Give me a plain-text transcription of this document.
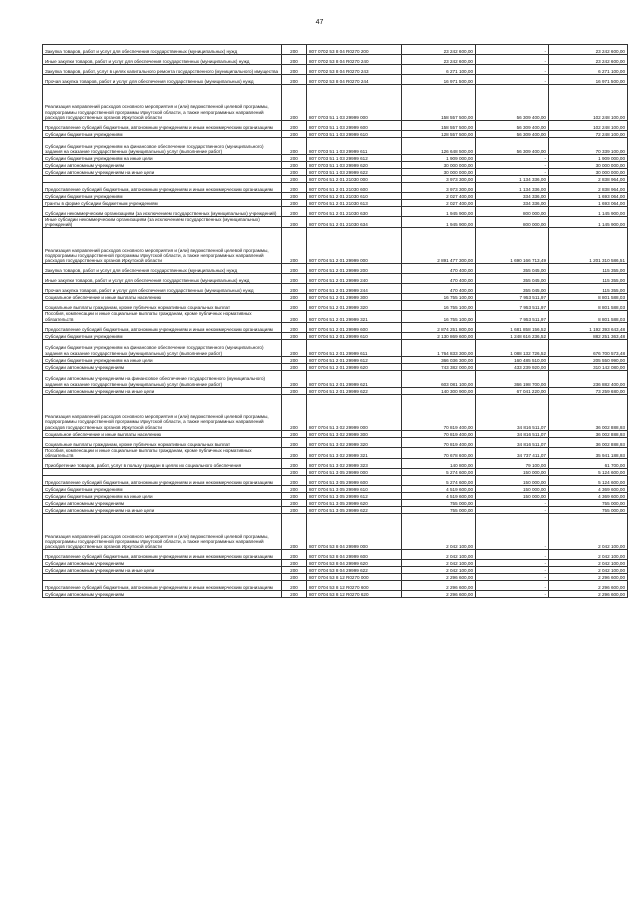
47
Закупка товаров, работ и услуг для обеспечения государственных (муниципальных) нужд	200	807 0702 53 8 04 R0270 200	23 242 600,00	-	23 242 600,00
Иные закупки товаров, работ и услуг для обеспечения государственных (муниципальных) нужд	200	807 0702 53 8 04 R0270 240	23 242 600,00	-	23 242 600,00
Закупка товаров, работ, услуг в целях капитального ремонта государственного (муниципального) имущества	200	807 0702 53 8 04 R0270 243	6 271 100,00	-	6 271 100,00
Прочая закупка товаров, работ и услуг для обеспечения государственных (муниципальных) нужд	200	807 0702 53 8 04 R0270 244	16 971 500,00	-	16 971 500,00
Реализация направлений расходов основного мероприятия и (или) ведомственной целевой программы, подпрограммы государственной программы Иркутской области, а также непрограммных направлений расходов государственных органов Иркутской области	200	807 0703 51 1 03 29999 000	158 557 500,00	56 309 400,00	102 248 100,00
Предоставление субсидий бюджетным, автономным учреждениям и иным некоммерческим организациям	200	807 0703 51 1 03 29999 600	158 557 500,00	56 309 400,00	102 248 100,00
Субсидии бюджетным учреждениям	200	807 0703 51 1 03 29999 610	128 557 500,00	56 309 400,00	72 248 100,00
Субсидии бюджетным учреждениям на финансовое обеспечение государственного (муниципального) задания на оказание государственных (муниципальных) услуг (выполнение работ)	200	807 0703 51 1 03 29999 611	126 648 500,00	56 309 400,00	70 339 100,00
Субсидии бюджетным учреждениям на иные цели	200	807 0703 51 1 03 29999 612	1 909 000,00	-	1 909 000,00
Субсидии автономным учреждениям	200	807 0703 51 1 03 29999 620	30 000 000,00	-	30 000 000,00
Субсидии автономным учреждениям на иные цели	200	807 0703 51 1 03 29999 622	30 000 000,00	-	30 000 000,00
	200	807 0704 51 2 01 21030 000	3 973 300,00	1 134 336,00	2 838 964,00
Предоставление субсидий бюджетным, автономным учреждениям и иным некоммерческим организациям	200	807 0704 51 2 01 21030 600	3 973 300,00	1 134 336,00	2 838 964,00
Субсидии бюджетным учреждениям	200	807 0704 51 2 01 21030 610	2 027 400,00	334 336,00	1 693 064,00
Гранты в форме субсидии бюджетным учреждениям	200	807 0704 51 2 01 21030 613	2 027 400,00	334 336,00	1 693 064,00
Субсидии некоммерческим организациям (за исключением государственных (муниципальных) учреждений)	200	807 0704 51 2 01 21030 630	1 945 900,00	800 000,00	1 145 900,00
Иные субсидии некоммерческим организациям (за исключением государственных (муниципальных) учреждений)	200	807 0704 51 2 01 21030 634	1 945 900,00	800 000,00	1 145 900,00
Реализация направлений расходов основного мероприятия и (или) ведомственной целевой программы, подпрограммы государственной программы Иркутской области, а также непрограммных направлений расходов государственных органов Иркутской области	200	807 0704 51 2 01 29999 000	2 891 477 300,00	1 690 166 713,49	1 201 310 586,51
Закупка товаров, работ и услуг для обеспечения государственных (муниципальных) нужд	200	807 0704 51 2 01 29999 200	470 400,00	355 045,00	115 355,00
Иные закупки товаров, работ и услуг для обеспечения государственных (муниципальных) нужд	200	807 0704 51 2 01 29999 240	470 400,00	355 045,00	115 355,00
Прочая закупка товаров, работ и услуг для обеспечения государственных (муниципальных) нужд	200	807 0704 51 2 01 29999 244	470 400,00	355 045,00	115 355,00
Социальное обеспечение и иные выплаты населению	200	807 0704 51 2 01 29999 300	16 755 100,00	7 953 511,97	8 801 588,03
Социальные выплаты гражданам, кроме публичных нормативных социальных выплат	200	807 0704 51 2 01 29999 320	16 755 100,00	7 953 511,97	8 801 588,03
Пособия, компенсации и иные социальные выплаты гражданам, кроме публичных нормативных обязательств	200	807 0704 51 2 01 29999 321	16 755 100,00	7 953 511,97	8 801 588,03
Предоставление субсидий бюджетным, автономным учреждениям и иным некоммерческим организациям	200	807 0704 51 2 01 29999 600	2 874 251 800,00	1 681 858 156,52	1 192 393 643,48
Субсидии бюджетным учреждениям	200	807 0704 51 2 01 29999 610	2 130 869 600,00	1 248 616 236,52	882 251 363,48
Субсидии бюджетным учреждениям на финансовое обеспечение государственного (муниципального) задания на оказание государственных (муниципальных) услуг (выполнение работ)	200	807 0704 51 2 01 29999 611	1 764 833 300,00	1 088 132 726,52	676 700 573,48
Субсидии бюджетным учреждениям на иные цели	200	807 0704 51 2 01 29999 612	366 036 300,00	160 485 510,00	205 550 990,00
Субсидии автономным учреждениям	200	807 0704 51 2 01 29999 620	743 382 000,00	433 239 920,00	310 142 080,00
Субсидии автономным учреждениям на финансовое обеспечение государственного (муниципального) задания на оказание государственных (муниципальных) услуг (выполнение работ)	200	807 0704 51 2 01 29999 621	603 081 100,00	366 198 700,00	236 882 400,00
Субсидии автономным учреждениям на иные цели	200	807 0704 51 2 01 29999 622	140 300 900,00	67 041 220,00	73 259 680,00
Реализация направлений расходов основного мероприятия и (или) ведомственной целевой программы, подпрограммы государственной программы Иркутской области, а также непрограммных направлений расходов государственных органов Иркутской области	200	807 0704 51 3 02 29999 000	70 819 400,00	34 816 511,07	36 002 888,93
Социальное обеспечение и иные выплаты населению	200	807 0704 51 3 02 29999 300	70 819 400,00	34 816 511,07	36 002 888,93
Социальные выплаты гражданам, кроме публичных нормативных социальных выплат	200	807 0704 51 3 02 29999 320	70 819 400,00	34 816 511,07	36 002 888,93
Пособия, компенсации и иные социальные выплаты гражданам, кроме публичных нормативных обязательств	200	807 0704 51 3 02 29999 321	70 678 600,00	34 737 411,07	35 941 188,93
Приобретение товаров, работ, услуг в пользу граждан в целях их социального обеспечения	200	807 0704 51 3 02 29999 323	140 800,00	79 100,00	61 700,00
	200	807 0704 51 3 05 29999 000	5 274 600,00	150 000,00	5 124 600,00
Предоставление субсидий бюджетным, автономным учреждениям и иным некоммерческим организациям	200	807 0704 51 3 05 29999 600	5 274 600,00	150 000,00	5 124 600,00
Субсидии бюджетным учреждениям	200	807 0704 51 3 05 29999 610	4 519 600,00	150 000,00	4 369 600,00
Субсидии бюджетным учреждениям на иные цели	200	807 0704 51 3 05 29999 612	4 519 600,00	150 000,00	4 369 600,00
Субсидии автономным учреждениям	200	807 0704 51 3 05 29999 620	755 000,00	-	755 000,00
Субсидии автономным учреждениям на иные цели	200	807 0704 51 3 05 29999 622	755 000,00	-	755 000,00
Реализация направлений расходов основного мероприятия и (или) ведомственной целевой программы, подпрограммы государственной программы Иркутской области, а также непрограммных направлений расходов государственных органов Иркутской области	200	807 0704 53 8 04 29999 000	2 042 100,00	-	2 042 100,00
Предоставление субсидий бюджетным, автономным учреждениям и иным некоммерческим организациям	200	807 0704 53 8 04 29999 600	2 042 100,00	-	2 042 100,00
Субсидии автономным учреждениям	200	807 0704 53 8 04 29999 620	2 042 100,00	-	2 042 100,00
Субсидии автономным учреждениям на иные цели	200	807 0704 53 8 04 29999 622	2 042 100,00	-	2 042 100,00
	200	807 0704 53 8 12 R0270 000	2 296 600,00	-	2 296 600,00
Предоставление субсидий бюджетным, автономным учреждениям и иным некоммерческим организациям	200	807 0704 53 8 12 R0270 600	2 296 600,00	-	2 296 600,00
Субсидии автономным учреждениям	200	807 0704 53 8 12 R0270 620	2 296 600,00	-	2 296 600,00
